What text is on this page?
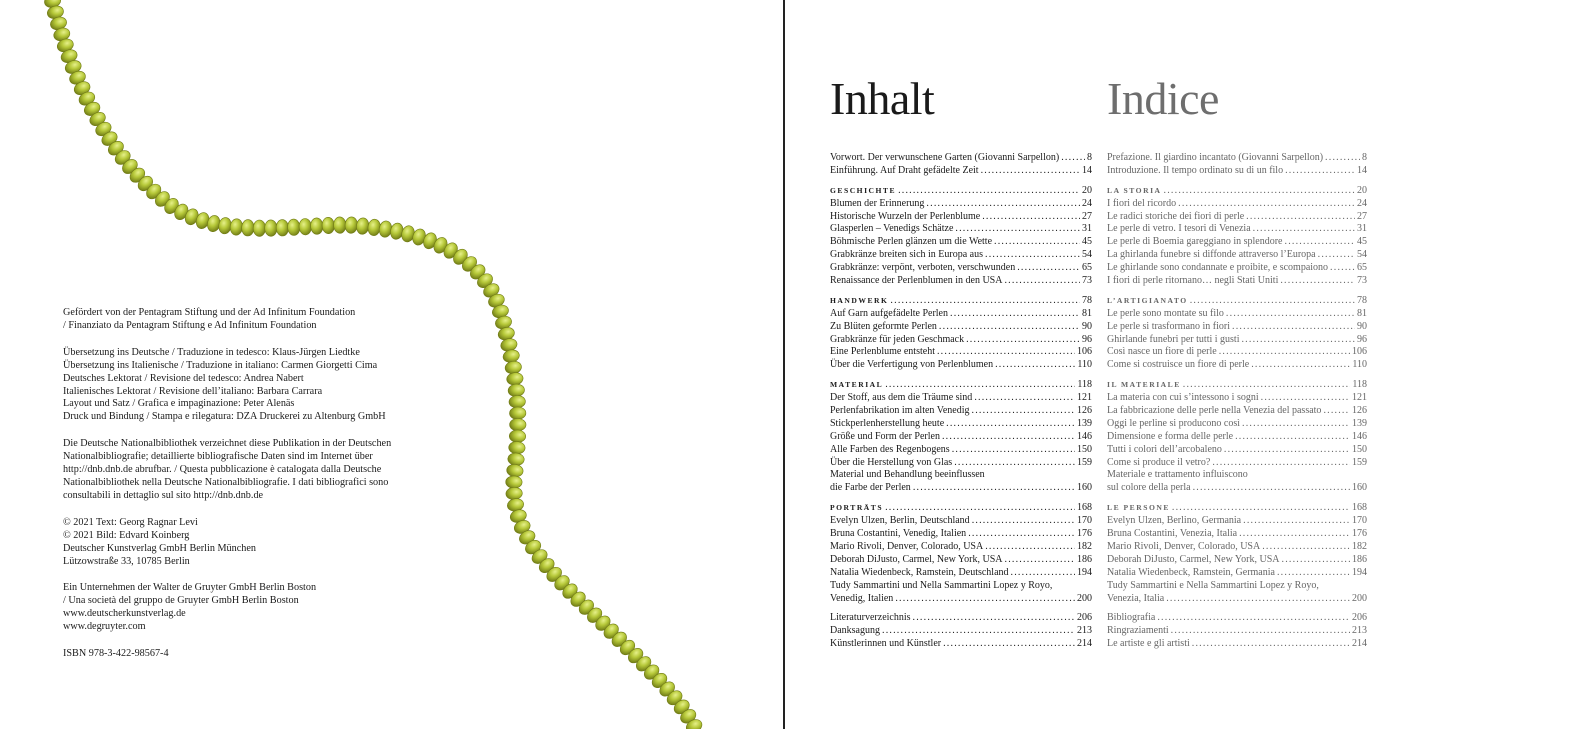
Gefördert von der Pentagram Stiftung und der Ad Infinitum Foundation
/ Finanziato da Pentagram Stiftung e Ad Infinitum Foundation
Übersetzung ins Deutsche / Traduzione in tedesco: Klaus-Jürgen Liedtke
Übersetzung ins Italienische / Traduzione in italiano: Carmen Giorgetti Cima
Deutsches Lektorat / Revisione del tedesco: Andrea Nabert
Italienisches Lektorat / Revisione dell’italiano: Barbara Carrara
Layout und Satz / Grafica e impaginazione: Peter Alenäs
Druck und Bindung / Stampa e rilegatura: DZA Druckerei zu Altenburg GmbH
Die Deutsche Nationalbibliothek verzeichnet diese Publikation in der Deutschen
Nationalbibliografie; detaillierte bibliografische Daten sind im Internet über
http://dnb.dnb.de abrufbar. / Questa pubblicazione è catalogata dalla Deutsche
Nationalbibliothek nella Deutsche Nationalbibliografie. I dati bibliografici sono
consultabili in dettaglio sul sito http://dnb.dnb.de
© 2021 Text: Georg Ragnar Levi
© 2021 Bild: Edvard Koinberg
Deutscher Kunstverlag GmbH Berlin München
Lützowstraße 33, 10785 Berlin
Ein Unternehmen der Walter de Gruyter GmbH Berlin Boston
/ Una società del gruppo de Gruyter GmbH Berlin Boston
www.deutscherkunstverlag.de
www.degruyter.com
ISBN 978-3-422-98567-4
Inhalt	Indice
Vorwort. Der verwunschene Garten (Giovanni Sarpellon) .....	8
Einführung. Auf Draht gefädelte Zeit .....	14
GESCHICHTE .....	20
Blumen der Erinnerung .....	24
Historische Wurzeln der Perlenblume .....	27
Glasperlen – Venedigs Schätze .....	31
Böhmische Perlen glänzen um die Wette .....	45
Grabkränze breiten sich in Europa aus .....	54
Grabkränze: verpönt, verboten, verschwunden .....	65
Renaissance der Perlenblumen in den USA .....	73
HANDWERK .....	78
Auf Garn aufgefädelte Perlen .....	81
Zu Blüten geformte Perlen .....	90
Grabkränze für jeden Geschmack .....	96
Eine Perlenblume entsteht .....	106
Über die Verfertigung von Perlenblumen .....	110
MATERIAL .....	118
Der Stoff, aus dem die Träume sind .....	121
Perlenfabrikation im alten Venedig .....	126
Stickperlenherstellung heute .....	139
Größe und Form der Perlen .....	146
Alle Farben des Regenbogens .....	150
Über die Herstellung von Glas .....	159
Material und Behandlung beeinflussen
die Farbe der Perlen .....	160
PORTRÄTS .....	168
Evelyn Ulzen, Berlin, Deutschland .....	170
Bruna Costantini, Venedig, Italien .....	176
Mario Rivoli, Denver, Colorado, USA .....	182
Deborah DiJusto, Carmel, New York, USA .....	186
Natalia Wiedenbeck, Ramstein, Deutschland .....	194
Tudy Sammartini und Nella Sammartini Lopez y Royo,
Venedig, Italien .....	200
Literaturverzeichnis .....	206
Danksagung .....	213
Künstlerinnen und Künstler .....	214
Prefazione. Il giardino incantato (Giovanni Sarpellon) .....	8
Introduzione. Il tempo ordinato su di un filo .....	14
LA STORIA .....	20
I fiori del ricordo .....	24
Le radici storiche dei fiori di perle .....	27
Le perle di vetro. I tesori di Venezia .....	31
Le perle di Boemia gareggiano in splendore .....	45
La ghirlanda funebre si diffonde attraverso l’Europa .....	54
Le ghirlande sono condannate e proibite, e scompaiono .....	65
I fiori di perle ritornano… negli Stati Uniti .....	73
L’ARTIGIANATO .....	78
Le perle sono montate su filo .....	81
Le perle si trasformano in fiori .....	90
Ghirlande funebri per tutti i gusti .....	96
Così nasce un fiore di perle .....	106
Come si costruisce un fiore di perle .....	110
IL MATERIALE .....	118
La materia con cui s’intessono i sogni .....	121
La fabbricazione delle perle nella Venezia del passato .....	126
Oggi le perline si producono così .....	139
Dimensione e forma delle perle .....	146
Tutti i colori dell’arcobaleno .....	150
Come si produce il vetro? .....	159
Materiale e trattamento influiscono
sul colore della perla .....	160
LE PERSONE .....	168
Evelyn Ulzen, Berlino, Germania .....	170
Bruna Costantini, Venezia, Italia .....	176
Mario Rivoli, Denver, Colorado, USA .....	182
Deborah DiJusto, Carmel, New York, USA .....	186
Natalia Wiedenbeck, Ramstein, Germania .....	194
Tudy Sammartini e Nella Sammartini Lopez y Royo,
Venezia, Italia .....	200
Bibliografia .....	206
Ringraziamenti .....	213
Le artiste e gli artisti .....	214
